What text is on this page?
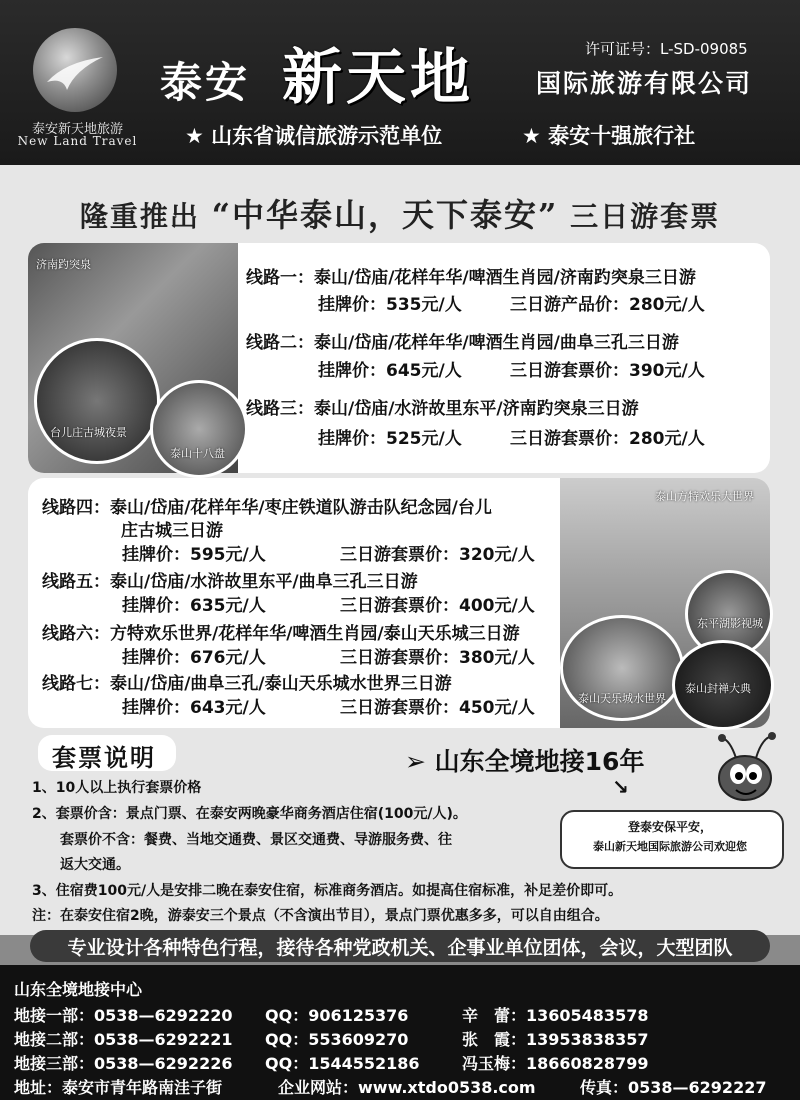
泰安新天地旅游
New Land Travel
泰安 新天地 国际旅游有限公司
许可证号：L-SD-09085
★ 山东省诚信旅游示范单位	★ 泰安十强旅行社
隆重推出 “中华泰山，天下泰安” 三日游套票
济南趵突泉
台儿庄古城夜景
泰山十八盘
线路一：泰山/岱庙/花样年华/啤酒生肖园/济南趵突泉三日游
挂牌价：535元/人	三日游产品价：280元/人
线路二：泰山/岱庙/花样年华/啤酒生肖园/曲阜三孔三日游
挂牌价：645元/人	三日游套票价：390元/人
线路三：泰山/岱庙/水浒故里东平/济南趵突泉三日游
挂牌价：525元/人	三日游套票价：280元/人
泰山方特欢乐大世界
东平湖影视城
泰山天乐城水世界
泰山封禅大典
线路四：泰山/岱庙/花样年华/枣庄铁道队游击队纪念园/台儿
庄古城三日游
挂牌价：595元/人	三日游套票价：320元/人
线路五：泰山/岱庙/水浒故里东平/曲阜三孔三日游
挂牌价：635元/人	三日游套票价：400元/人
线路六：方特欢乐世界/花样年华/啤酒生肖园/泰山天乐城三日游
挂牌价：676元/人	三日游套票价：380元/人
线路七：泰山/岱庙/曲阜三孔/泰山天乐城水世界三日游
挂牌价：643元/人	三日游套票价：450元/人
套票说明	➢ 山东全境地接16年
↘
1、10人以上执行套票价格
2、套票价含：景点门票、在泰安两晚豪华商务酒店住宿(100元/人)。
套票价不含：餐费、当地交通费、景区交通费、导游服务费、往
返大交通。
3、住宿费100元/人是安排二晚在泰安住宿，标准商务酒店。如提高住宿标准，补足差价即可。
注：在泰安住宿2晚，游泰安三个景点（不含演出节目），景点门票优惠多多，可以自由组合。
登泰安保平安，
泰山新天地国际旅游公司欢迎您
专业设计各种特色行程，接待各种党政机关、企事业单位团体，会议，大型团队
山东全境地接中心
地接一部：0538—6292220 QQ：906125376	辛　蕾：13605483578
地接二部：0538—6292221 QQ：553609270	张　霞：13953838357
地接三部：0538—6292226 QQ：1544552186	冯玉梅：18660828799
地址：泰安市青年路南洼子街	企业网站：www.xtdo0538.com	传真：0538—6292227
